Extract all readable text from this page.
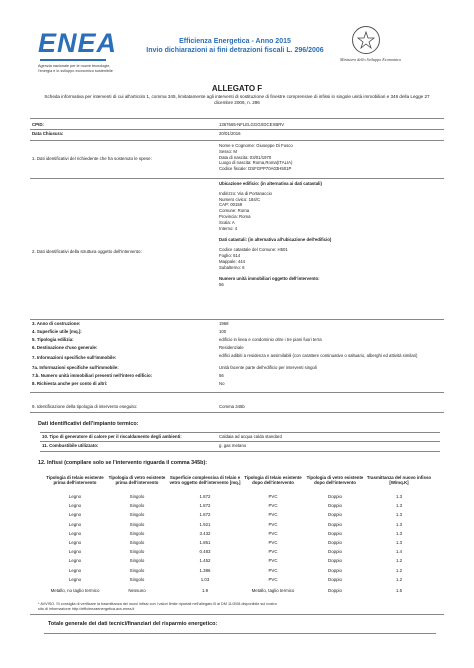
ENEA
Agenzia nazionale per le nuove tecnologie,
l'energia e lo sviluppo economico sostenibile
Efficienza Energetica - Anno 2015
Invio dichiarazioni ai fini detrazioni fiscali L. 296/2006
Ministero dello Sviluppo Economico
ALLEGATO F
Scheda informativa per interventi di cui all'articolo 1, comma 345, limitatamente agli interventi di sostituzione di finestre comprensive di infissi in singole unità immobiliari e 346 della Legge 27 dicembre 2006, n. 296
CPID:	1367665-NFLELGGGXDCEXBRV
Data Chiusura:	20/01/2016
1. Dati identificativi del richiedente che ha sostenuto le spese:
Nome e Cognome: Giuseppe Di Fusco
Sesso: M
Data di nascita: 03/01/1970
Luogo di nascita: Roma,Roma(ITALIA)
Codice fiscale: DSFGPP70A03H501P
2. Dati identificativi della struttura oggetto dell'intervento:
Ubicazione edificio: (in alternativa ai dati catastali)
Indirizzo: Via di Portanaccio
Numero civico: 184/C
CAP: 00159
Comune: Roma
Provincia: Roma
Scala: A
Interno: 4
Dati catastali: (in alternativa all'ubicazione dell'edificio)
Codice catastale del Comune: H501
Foglio: 614
Mappale: 444
Subalterno: 6
Numero unità immobiliari oggetto dell'intervento:
56
3. Anno di costruzione:	1968
4. Superficie utile [mq.]:	100
5. Tipologia edilizia:	edificio in linea e condominio oltre i tre piani fuori terra
6. Destinazione d'uso generale:	Residenziale
7. Informazioni specifiche sull'immobile:	edifici adibiti a residenza e assimilabili (con carattere continuativo o saltuario, alberghi ed attività similari)
7a. Informazioni specifiche sull'immobile:	Unità facente parte dell'edificio per interventi singoli
7.b. Numero unità immobiliari presenti nell'intero edificio:	56
8. Richiesta anche per conto di altri:	No
9. Identificazione della tipologia di intervento eseguito:	Comma 345b
Dati identificativi dell'impianto termico:
10. Tipo di generatore di calore per il riscaldamento degli ambienti:	Caldaia ad acqua calda standard
11. Combustibile utilizzato:	g. gas metano
12. Infissi (compilare solo se l'intervento riguarda il comma 345b):
Tipologia di telaio esistente prima dell'intervento	Tipologia di vetro esistente prima dell'intervento	Superficie complessiva di telaio e vetro oggetto dell'intervento [mq.]	Tipologia di telaio esistente dopo dell'intervento	Tipologia di vetro esistente dopo dell'intervento	Trasmittanza del nuovo infisso [W/mq.K]
Legno	Singolo	1.872	PVC	Doppio	1.3
Legno	Singolo	1.872	PVC	Doppio	1.3
Legno	Singolo	1.872	PVC	Doppio	1.3
Legno	Singolo	1.921	PVC	Doppio	1.3
Legno	Singolo	3.432	PVC	Doppio	1.3
Legno	Singolo	1.861	PVC	Doppio	1.3
Legno	Singolo	0.483	PVC	Doppio	1.4
Legno	Singolo	1.452	PVC	Doppio	1.2
Legno	Singolo	1.386	PVC	Doppio	1.2
Legno	Singolo	1.03	PVC	Doppio	1.2
Metallo, no taglio termico	Nessuno	1.9	Metallo, taglio termico	Doppio	1.5
* AVVISO. Si consiglia di verificare la trasmittanza dei nuovi infissi con i valori limite riportati nell'allegato B al DM 11/3/08 disponibile sul nostro
sito di informazione http://efficienzaenergetica.acs.enea.it
Totale generale dei dati tecnici/finanziari del risparmio energetico:
